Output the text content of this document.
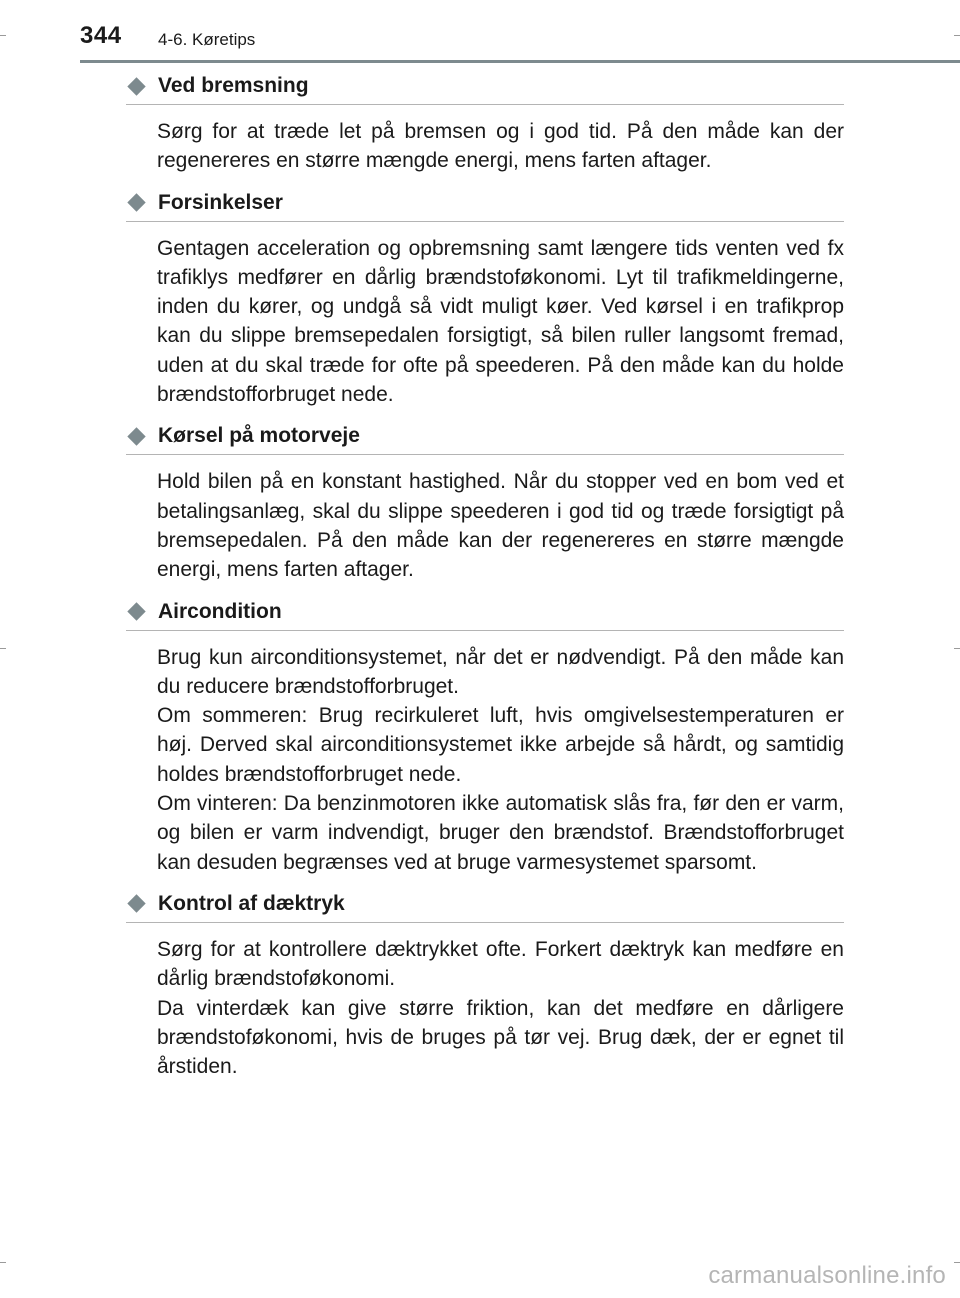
344 4-6. Køretips
Ved bremsning

Sørg for at træde let på bremsen og i god tid. På den måde kan der regenereres en større mængde energi, mens farten aftager.

Forsinkelser

Gentagen acceleration og opbremsning samt længere tids venten ved fx trafiklys medfører en dårlig brændstoføkonomi. Lyt til trafikmeldingerne, inden du kører, og undgå så vidt muligt køer. Ved kørsel i en trafikprop kan du slippe bremsepedalen forsigtigt, så bilen ruller langsomt fremad, uden at du skal træde for ofte på speederen. På den måde kan du holde brændstofforbruget nede.

Kørsel på motorveje

Hold bilen på en konstant hastighed. Når du stopper ved en bom ved et betalingsanlæg, skal du slippe speederen i god tid og træde forsigtigt på bremsepedalen. På den måde kan der regenereres en større mængde energi, mens farten aftager.

Aircondition

Brug kun airconditionsystemet, når det er nødvendigt. På den måde kan du reducere brændstofforbruget.

Om sommeren: Brug recirkuleret luft, hvis omgivelsestemperaturen er høj. Derved skal airconditionsystemet ikke arbejde så hårdt, og samtidig holdes brændstofforbruget nede.

Om vinteren: Da benzinmotoren ikke automatisk slås fra, før den er varm, og bilen er varm indvendigt, bruger den brændstof. Brændstofforbruget kan desuden begrænses ved at bruge varmesystemet sparsomt.

Kontrol af dæktryk

Sørg for at kontrollere dæktrykket ofte. Forkert dæktryk kan medføre en dårlig brændstoføkonomi.

Da vinterdæk kan give større friktion, kan det medføre en dårligere brændstoføkonomi, hvis de bruges på tør vej. Brug dæk, der er egnet til årstiden.

carmanualsonline.info
